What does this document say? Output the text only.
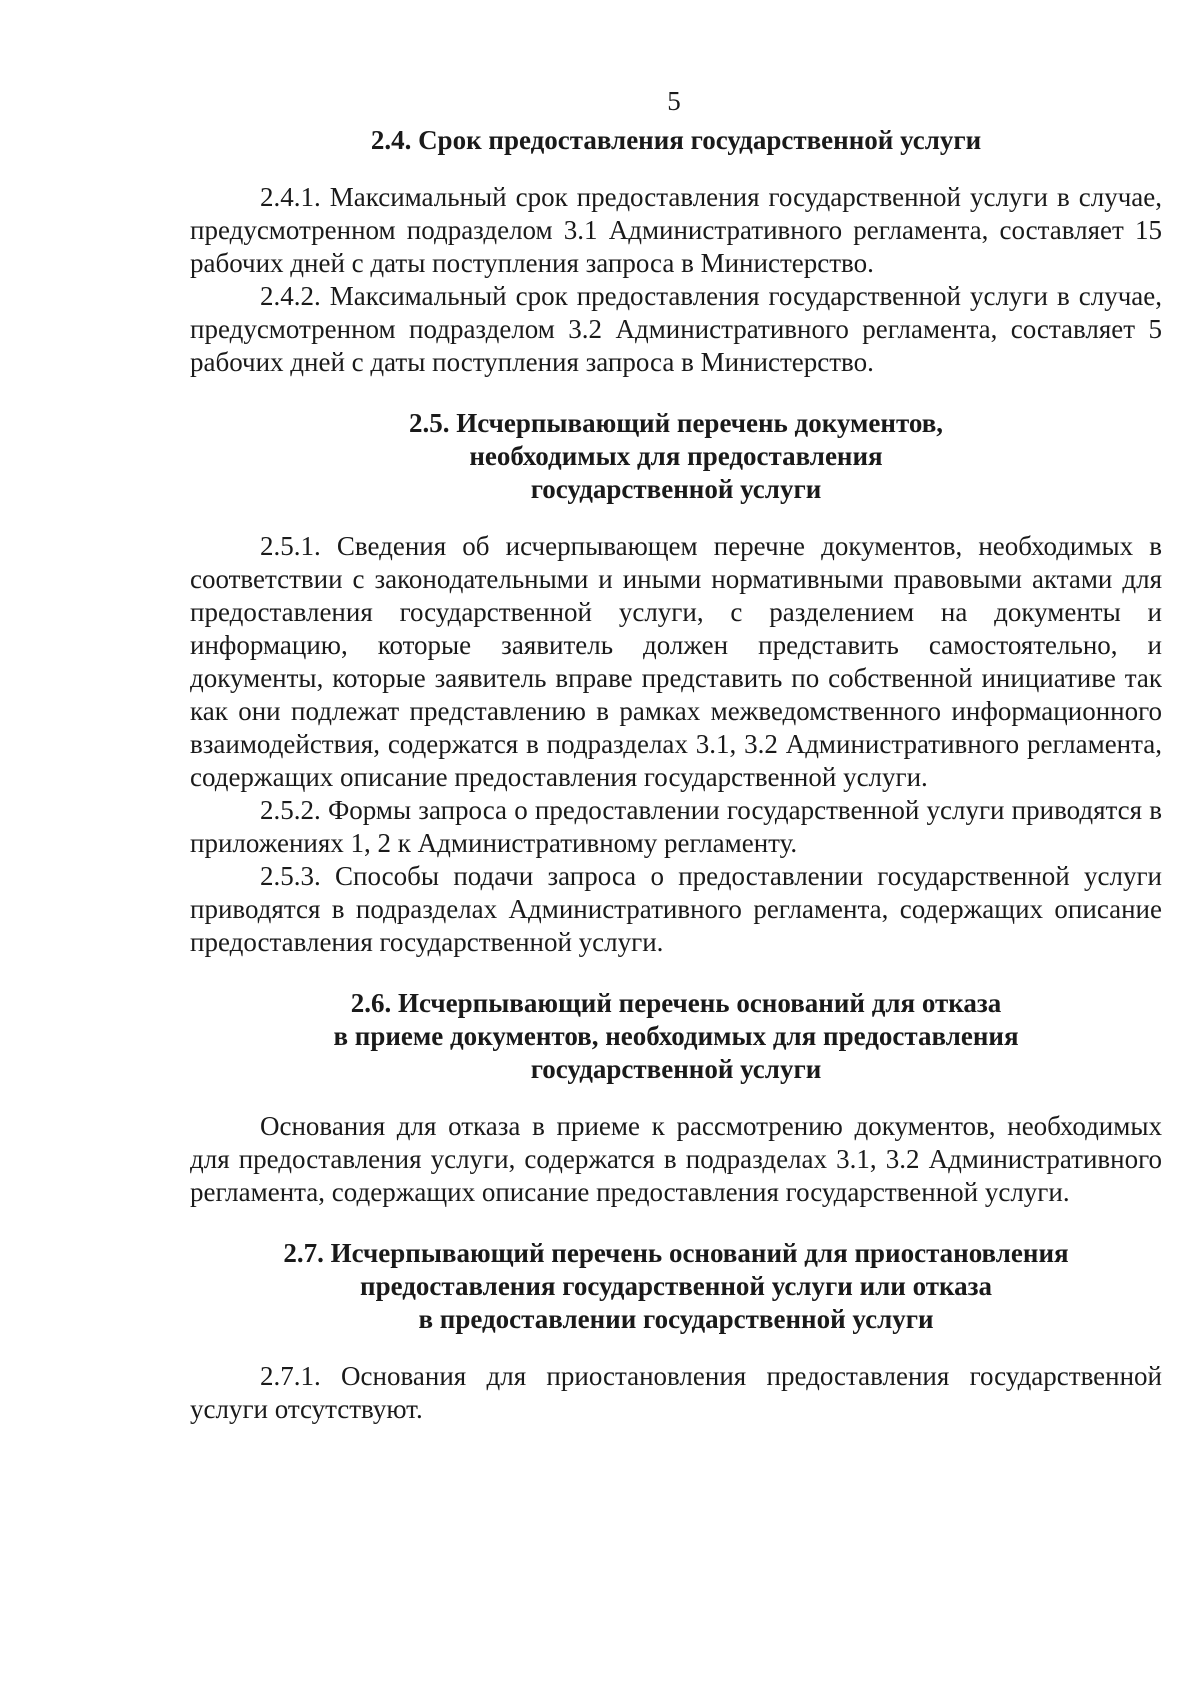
5
2.4. Срок предоставления государственной услуги

2.4.1. Максимальный срок предоставления государственной услуги в случае, предусмотренном подразделом 3.1 Административного регламента, составляет 15 рабочих дней с даты поступления запроса в Министерство.

2.4.2. Максимальный срок предоставления государственной услуги в случае, предусмотренном подразделом 3.2 Административного регламента, составляет 5 рабочих дней с даты поступления запроса в Министерство.

2.5. Исчерпывающий перечень документов,
необходимых для предоставления
государственной услуги

2.5.1. Сведения об исчерпывающем перечне документов, необходимых в соответствии с законодательными и иными нормативными правовыми актами для предоставления государственной услуги, с разделением на документы и информацию, которые заявитель должен представить самостоятельно, и документы, которые заявитель вправе представить по собственной инициативе так как они подлежат представлению в рамках межведомственного информационного взаимодействия, содержатся в подразделах 3.1, 3.2 Административного регламента, содержащих описание предоставления государственной услуги.

2.5.2. Формы запроса о предоставлении государственной услуги приводятся в приложениях 1, 2 к Административному регламенту.

2.5.3. Способы подачи запроса о предоставлении государственной услуги приводятся в подразделах Административного регламента, содержащих описание предоставления государственной услуги.

2.6. Исчерпывающий перечень оснований для отказа
в приеме документов, необходимых для предоставления
государственной услуги

Основания для отказа в приеме к рассмотрению документов, необходимых для предоставления услуги, содержатся в подразделах 3.1, 3.2 Административного регламента, содержащих описание предоставления государственной услуги.

2.7. Исчерпывающий перечень оснований для приостановления
предоставления государственной услуги или отказа
в предоставлении государственной услуги

2.7.1. Основания для приостановления предоставления государственной услуги отсутствуют.
